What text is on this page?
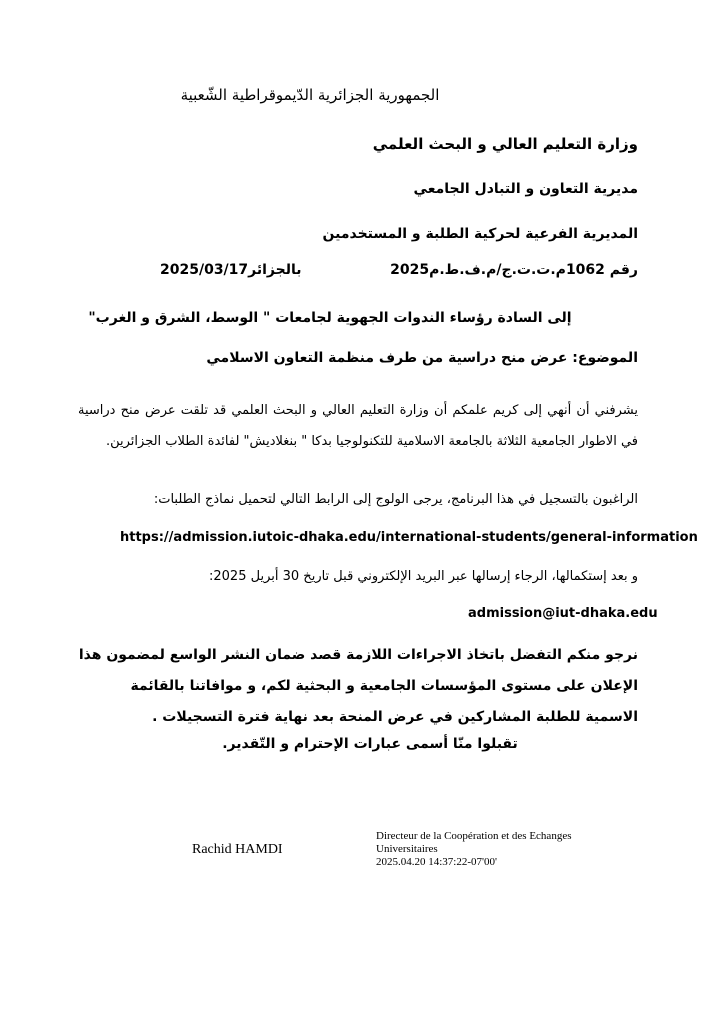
الجمهورية الجزائرية الدّيموقراطية الشّعبية
وزارة التعليم العالي و البحث العلمي
مديرية التعاون و التبادل الجامعي
المديرية الفرعية لحركية الطلبة و المستخدمين
رقم 1062م.ت.ت.ج/م.ف.ط.م2025
بالجزائر2025/03/17
إلى السادة رؤساء الندوات الجهوية لجامعات " الوسط، الشرق و الغرب"
الموضوع: عرض منح دراسية من طرف منظمة التعاون الاسلامي
يشرفني أن أنهي إلى كريم علمكم أن وزارة التعليم العالي و البحث العلمي قد تلقت عرض منح دراسية في الاطوار الجامعية الثلاثة بالجامعة الاسلامية للتكنولوجيا بدكا " بنغلاديش" لفائدة الطلاب الجزائرين.
الراغبون بالتسجيل في هذا البرنامج، يرجى الولوج إلى الرابط التالي لتحميل نماذج الطلبات:
https://admission.iutoic-dhaka.edu/international-students/general-information
و بعد إستكمالها، الرجاء إرسالها عبر البريد الإلكتروني قبل تاريخ 30 أبريل 2025:
admission@iut-dhaka.edu
نرجو منكم التفضل باتخاذ الاجراءات اللازمة قصد ضمان النشر الواسع لمضمون هذا الإعلان على مستوى المؤسسات الجامعية و البحثية لكم، و موافاتنا بالقائمة الاسمية للطلبة المشاركين في عرض المنحة بعد نهاية فترة التسجيلات .
تقبلوا منّا أسمى عبارات الإحترام و التّقدير.
Rachid HAMDI
Directeur de la Coopération et des Echanges
Universitaires
2025.04.20 14:37:22-07'00'
